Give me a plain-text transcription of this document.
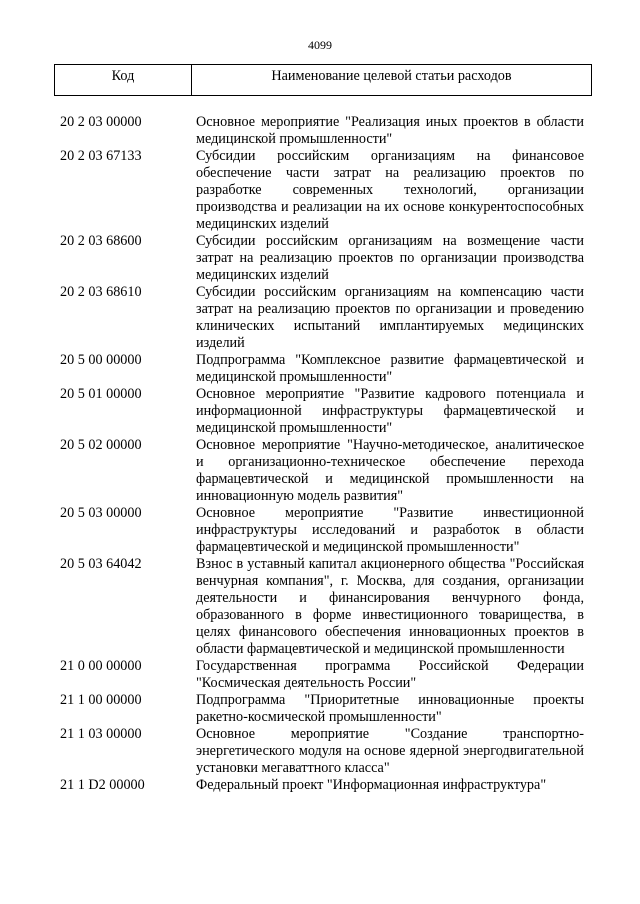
4099
Код	Наименование целевой статьи расходов
20 2 03 00000	Основное мероприятие "Реализация иных проектов в области медицинской промышленности"
20 2 03 67133	Субсидии российским организациям на финансовое обеспечение части затрат на реализацию проектов по разработке современных технологий, организации производства и реализации на их основе конкурентоспособных медицинских изделий
20 2 03 68600	Субсидии российским организациям на возмещение части затрат на реализацию проектов по организации производства медицинских изделий
20 2 03 68610	Субсидии российским организациям на компенсацию части затрат на реализацию проектов по организации и проведению клинических испытаний имплантируемых медицинских изделий
20 5 00 00000	Подпрограмма "Комплексное развитие фармацевтической и медицинской промышленности"
20 5 01 00000	Основное мероприятие "Развитие кадрового потенциала и информационной инфраструктуры фармацевтической и медицинской промышленности"
20 5 02 00000	Основное мероприятие "Научно-методическое, аналитическое и организационно-техническое обеспечение перехода фармацевтической и медицинской промышленности на инновационную модель развития"
20 5 03 00000	Основное мероприятие "Развитие инвестиционной инфраструктуры исследований и разработок в области фармацевтической и медицинской промышленности"
20 5 03 64042	Взнос в уставный капитал акционерного общества "Российская венчурная компания", г. Москва, для создания, организации деятельности и финансирования венчурного фонда, образованного в форме инвестиционного товарищества, в целях финансового обеспечения инновационных проектов в области фармацевтической и медицинской промышленности
21 0 00 00000	Государственная программа Российской Федерации "Космическая деятельность России"
21 1 00 00000	Подпрограмма "Приоритетные инновационные проекты ракетно-космической промышленности"
21 1 03 00000	Основное мероприятие "Создание транспортно-энергетического модуля на основе ядерной энергодвигательной установки мегаваттного класса"
21 1 D2 00000	Федеральный проект "Информационная инфраструктура"
